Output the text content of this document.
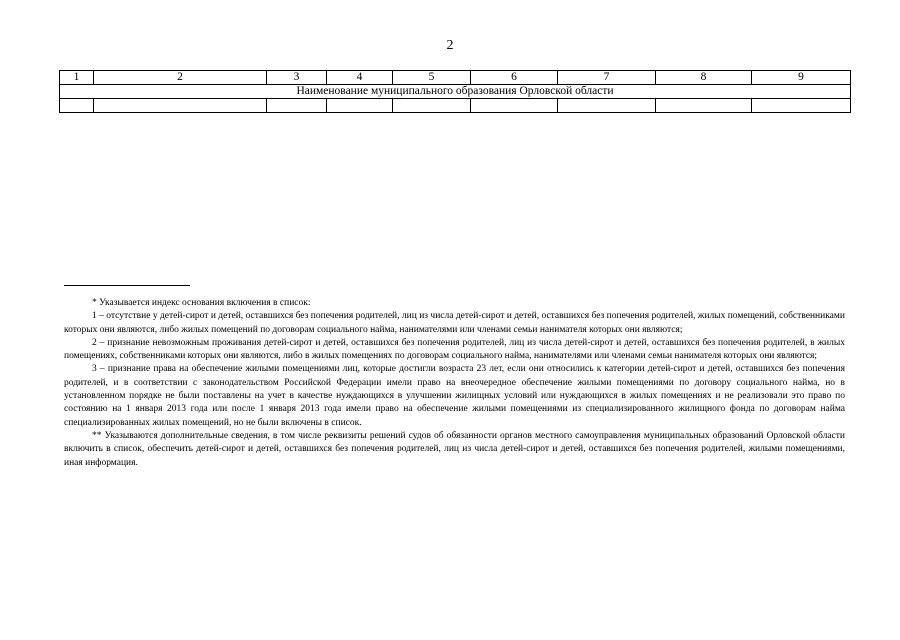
2
1	2	3	4	5	6	7	8	9
Наименование муниципального образования Орловской области								

* Указывается индекс основания включения в список:

1 – отсутствие у детей-сирот и детей, оставшихся без попечения родителей, лиц из числа детей-сирот и детей, оставшихся без попечения родителей, жилых помещений, собственниками которых они являются, либо жилых помещений по договорам социального найма, нанимателями или членами семьи нанимателя которых они являются;

2 – признание невозможным проживания детей-сирот и детей, оставшихся без попечения родителей, лиц из числа детей-сирот и детей, оставшихся без попечения родителей, в жилых помещениях, собственниками которых они являются, либо в жилых помещениях по договорам социального найма, нанимателями или членами семьи нанимателя которых они являются;

3 – признание права на обеспечение жилыми помещениями лиц, которые достигли возраста 23 лет, если они относились к категории детей-сирот и детей, оставшихся без попечения родителей, и в соответствии с законодательством Российской Федерации имели право на внеочередное обеспечение жилыми помещениями по договору социального найма, но в установленном порядке не были поставлены на учет в качестве нуждающихся в улучшении жилищных условий или нуждающихся в жилых помещениях и не реализовали это право по состоянию на 1 января 2013 года или после 1 января 2013 года имели право на обеспечение жилыми помещениями из специализированного жилищного фонда по договорам найма специализированных жилых помещений, но не были включены в список.

** Указываются дополнительные сведения, в том числе реквизиты решений судов об обязанности органов местного самоуправления муниципальных образований Орловской области включить в список, обеспечить детей-сирот и детей, оставшихся без попечения родителей, лиц из числа детей-сирот и детей, оставшихся без попечения родителей, жилыми помещениями, иная информация.
